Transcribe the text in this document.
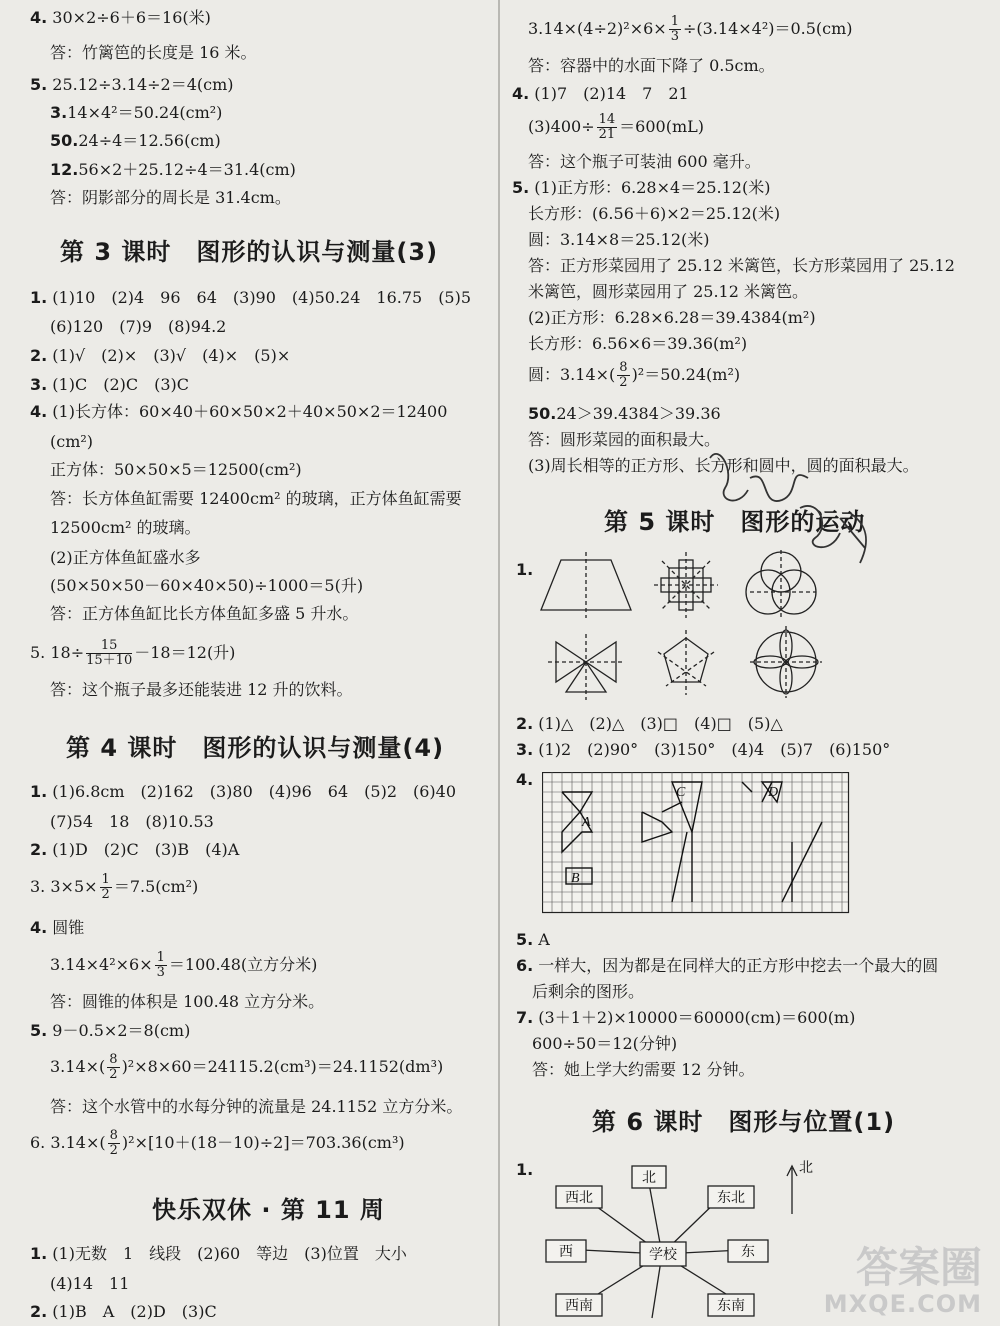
4. 30×2÷6＋6＝16(米)
答：竹篱笆的长度是 16 米。
5. 25.12÷3.14÷2＝4(cm)
3.14×4²＝50.24(cm²)
50.24÷4＝12.56(cm)
12.56×2＋25.12÷4＝31.4(cm)
答：阴影部分的周长是 31.4cm。
第 3 课时　图形的认识与测量(3)
1. (1)10　(2)4　96　64　(3)90　(4)50.24　16.75　(5)5
(6)120　(7)9　(8)94.2
2. (1)√　(2)×　(3)√　(4)×　(5)×
3. (1)C　(2)C　(3)C
4. (1)长方体：60×40＋60×50×2＋40×50×2＝12400
(cm²)
正方体：50×50×5＝12500(cm²)
答：长方体鱼缸需要 12400cm² 的玻璃，正方体鱼缸需要
12500cm² 的玻璃。
(2)正方体鱼缸盛水多
(50×50×50－60×40×50)÷1000＝5(升)
答：正方体鱼缸比长方体鱼缸多盛 5 升水。
5. $18\div \frac{15}{15+10} -18=12$(升)
答：这个瓶子最多还能装进 12 升的饮料。
第 4 课时　图形的认识与测量(4)
1. (1)6.8cm　(2)162　(3)80　(4)96　64　(5)2　(6)40
(7)54　18　(8)10.53
2. (1)D　(2)C　(3)B　(4)A
3. $3\times 5\times \frac{1}{2} =7.5(cm^2)$
4. 圆锥
$3.14\times 4^2\times 6\times \frac{1}{3} =100.48$(立方分米)
答：圆锥的体积是 100.48 立方分米。
5. 9－0.5×2＝8(cm)
$3.14\times( \frac{8}{2} )^2\times 8\times 60=24115.2(cm^3)=24.1152(dm^3)$
答：这个水管中的水每分钟的流量是 24.1152 立方分米。
6. $3.14\times( \frac{8}{2} )^2\times[10+(18-10)\div 2]=703.36(cm^3)$
快乐双休 · 第 11 周
1. (1)无数　1　线段　(2)60　等边　(3)位置　大小
(4)14　11
2. (1)B　A　(2)D　(3)C
$3.14\times(4\div 2)^2\times 6\times \frac{1}{3} \div(3.14\times 4^2)=0.5(cm)$
答：容器中的水面下降了 0.5cm。
4. (1)7　(2)14　7　21
$(3)400\div \frac{14}{21} =600(mL)$
答：这个瓶子可装油 600 毫升。
5. (1)正方形：6.28×4＝25.12(米)
长方形：(6.56＋6)×2＝25.12(米)
圆：3.14×8＝25.12(米)
答：正方形菜园用了 25.12 米篱笆，长方形菜园用了 25.12
米篱笆，圆形菜园用了 25.12 米篱笆。
(2)正方形：6.28×6.28＝39.4384(m²)
长方形：6.56×6＝39.36(m²)
圆：$3.14\times( \frac{8}{2} )^2=50.24(m^2)$
50.24＞39.4384＞39.36
答：圆形菜园的面积最大。
(3)周长相等的正方形、长方形和圆中，圆的面积最大。
第 5 课时　图形的运动
1.
2. (1)△　(2)△　(3)□　(4)□　(5)△
3. (1)2　(2)90°　(3)150°　(4)4　(5)7　(6)150°
4.
A
B
C	D
5. A
6. 一样大，因为都是在同样大的正方形中挖去一个最大的圆
后剩余的图形。
7. (3＋1＋2)×10000＝60000(cm)＝600(m)
600÷50＝12(分钟)
答：她上学大约需要 12 分钟。
第 6 课时　图形与位置(1)
1.	北
西北	东北
西	学校	东
西南	东南
北
答案圈
MXQE.COM
